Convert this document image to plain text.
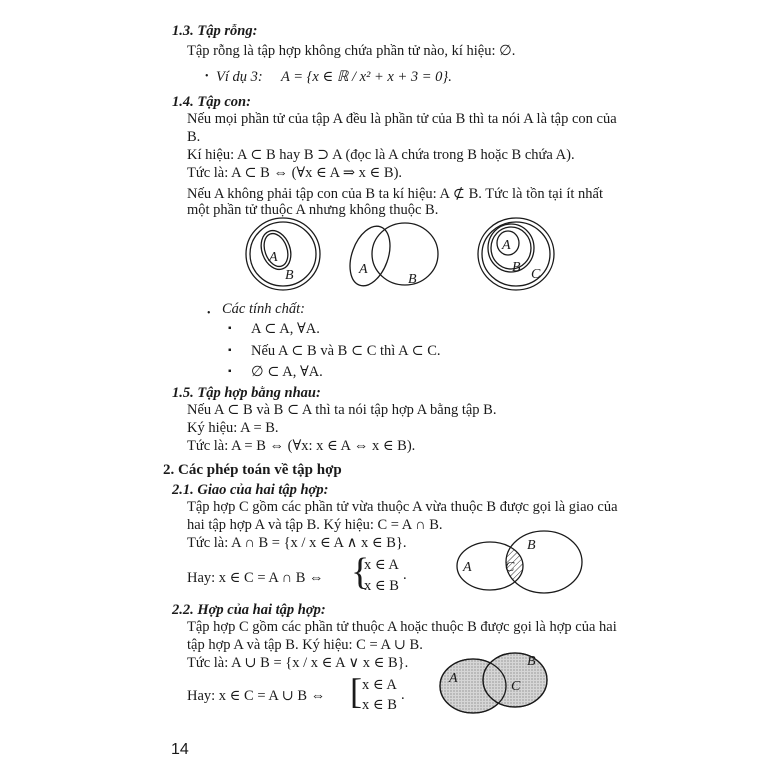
1.3. Tập rỗng:
Tập rỗng là tập hợp không chứa phần tử nào, kí hiệu: ∅.
• Ví dụ 3: A = {x ∈ ℝ / x² + x + 3 = 0}.
1.4. Tập con:
Nếu mọi phần tử của tập A đều là phần tử của B thì ta nói A là tập con của
B.
Kí hiệu: A ⊂ B hay B ⊃ A (đọc là A chứa trong B hoặc B chứa A).
Tức là: A ⊂ B ⇔ (∀x ∈ A ⇒ x ∈ B).
Nếu A không phải tập con của B ta kí hiệu: A ⊄ B. Tức là tồn tại ít nhất
một phần tử thuộc A nhưng không thuộc B.
A
B	A
B
A
B C
A
B
C
A
B
C
• Các tính chất:
▪ A ⊂ A, ∀A.
▪ Nếu A ⊂ B và B ⊂ C thì A ⊂ C.
▪ ∅ ⊂ A, ∀A.
1.5. Tập hợp bằng nhau:
Nếu A ⊂ B và B ⊂ A thì ta nói tập hợp A bằng tập B.
Ký hiệu: A = B.
Tức là: A = B ⇔ (∀x: x ∈ A ⇔ x ∈ B).
2. Các phép toán về tập hợp
2.1. Giao của hai tập hợp:
Tập hợp C gồm các phần tử vừa thuộc A vừa thuộc B được gọi là giao của
hai tập hợp A và tập B. Ký hiệu: C = A ∩ B.
Tức là: A ∩ B = {x / x ∈ A ∧ x ∈ B}.
Hay: x ∈ C = A ∩ B ⇔ {
x ∈ A
x ∈ B
.
2.2. Hợp của hai tập hợp:
Tập hợp C gồm các phần tử thuộc A hoặc thuộc B được gọi là hợp của hai
tập hợp A và tập B. Ký hiệu: C = A ∪ B.
Tức là: A ∪ B = {x / x ∈ A ∨ x ∈ B}.
Hay: x ∈ C = A ∪ B ⇔ [ x ∈ A
x ∈ B
.
14
